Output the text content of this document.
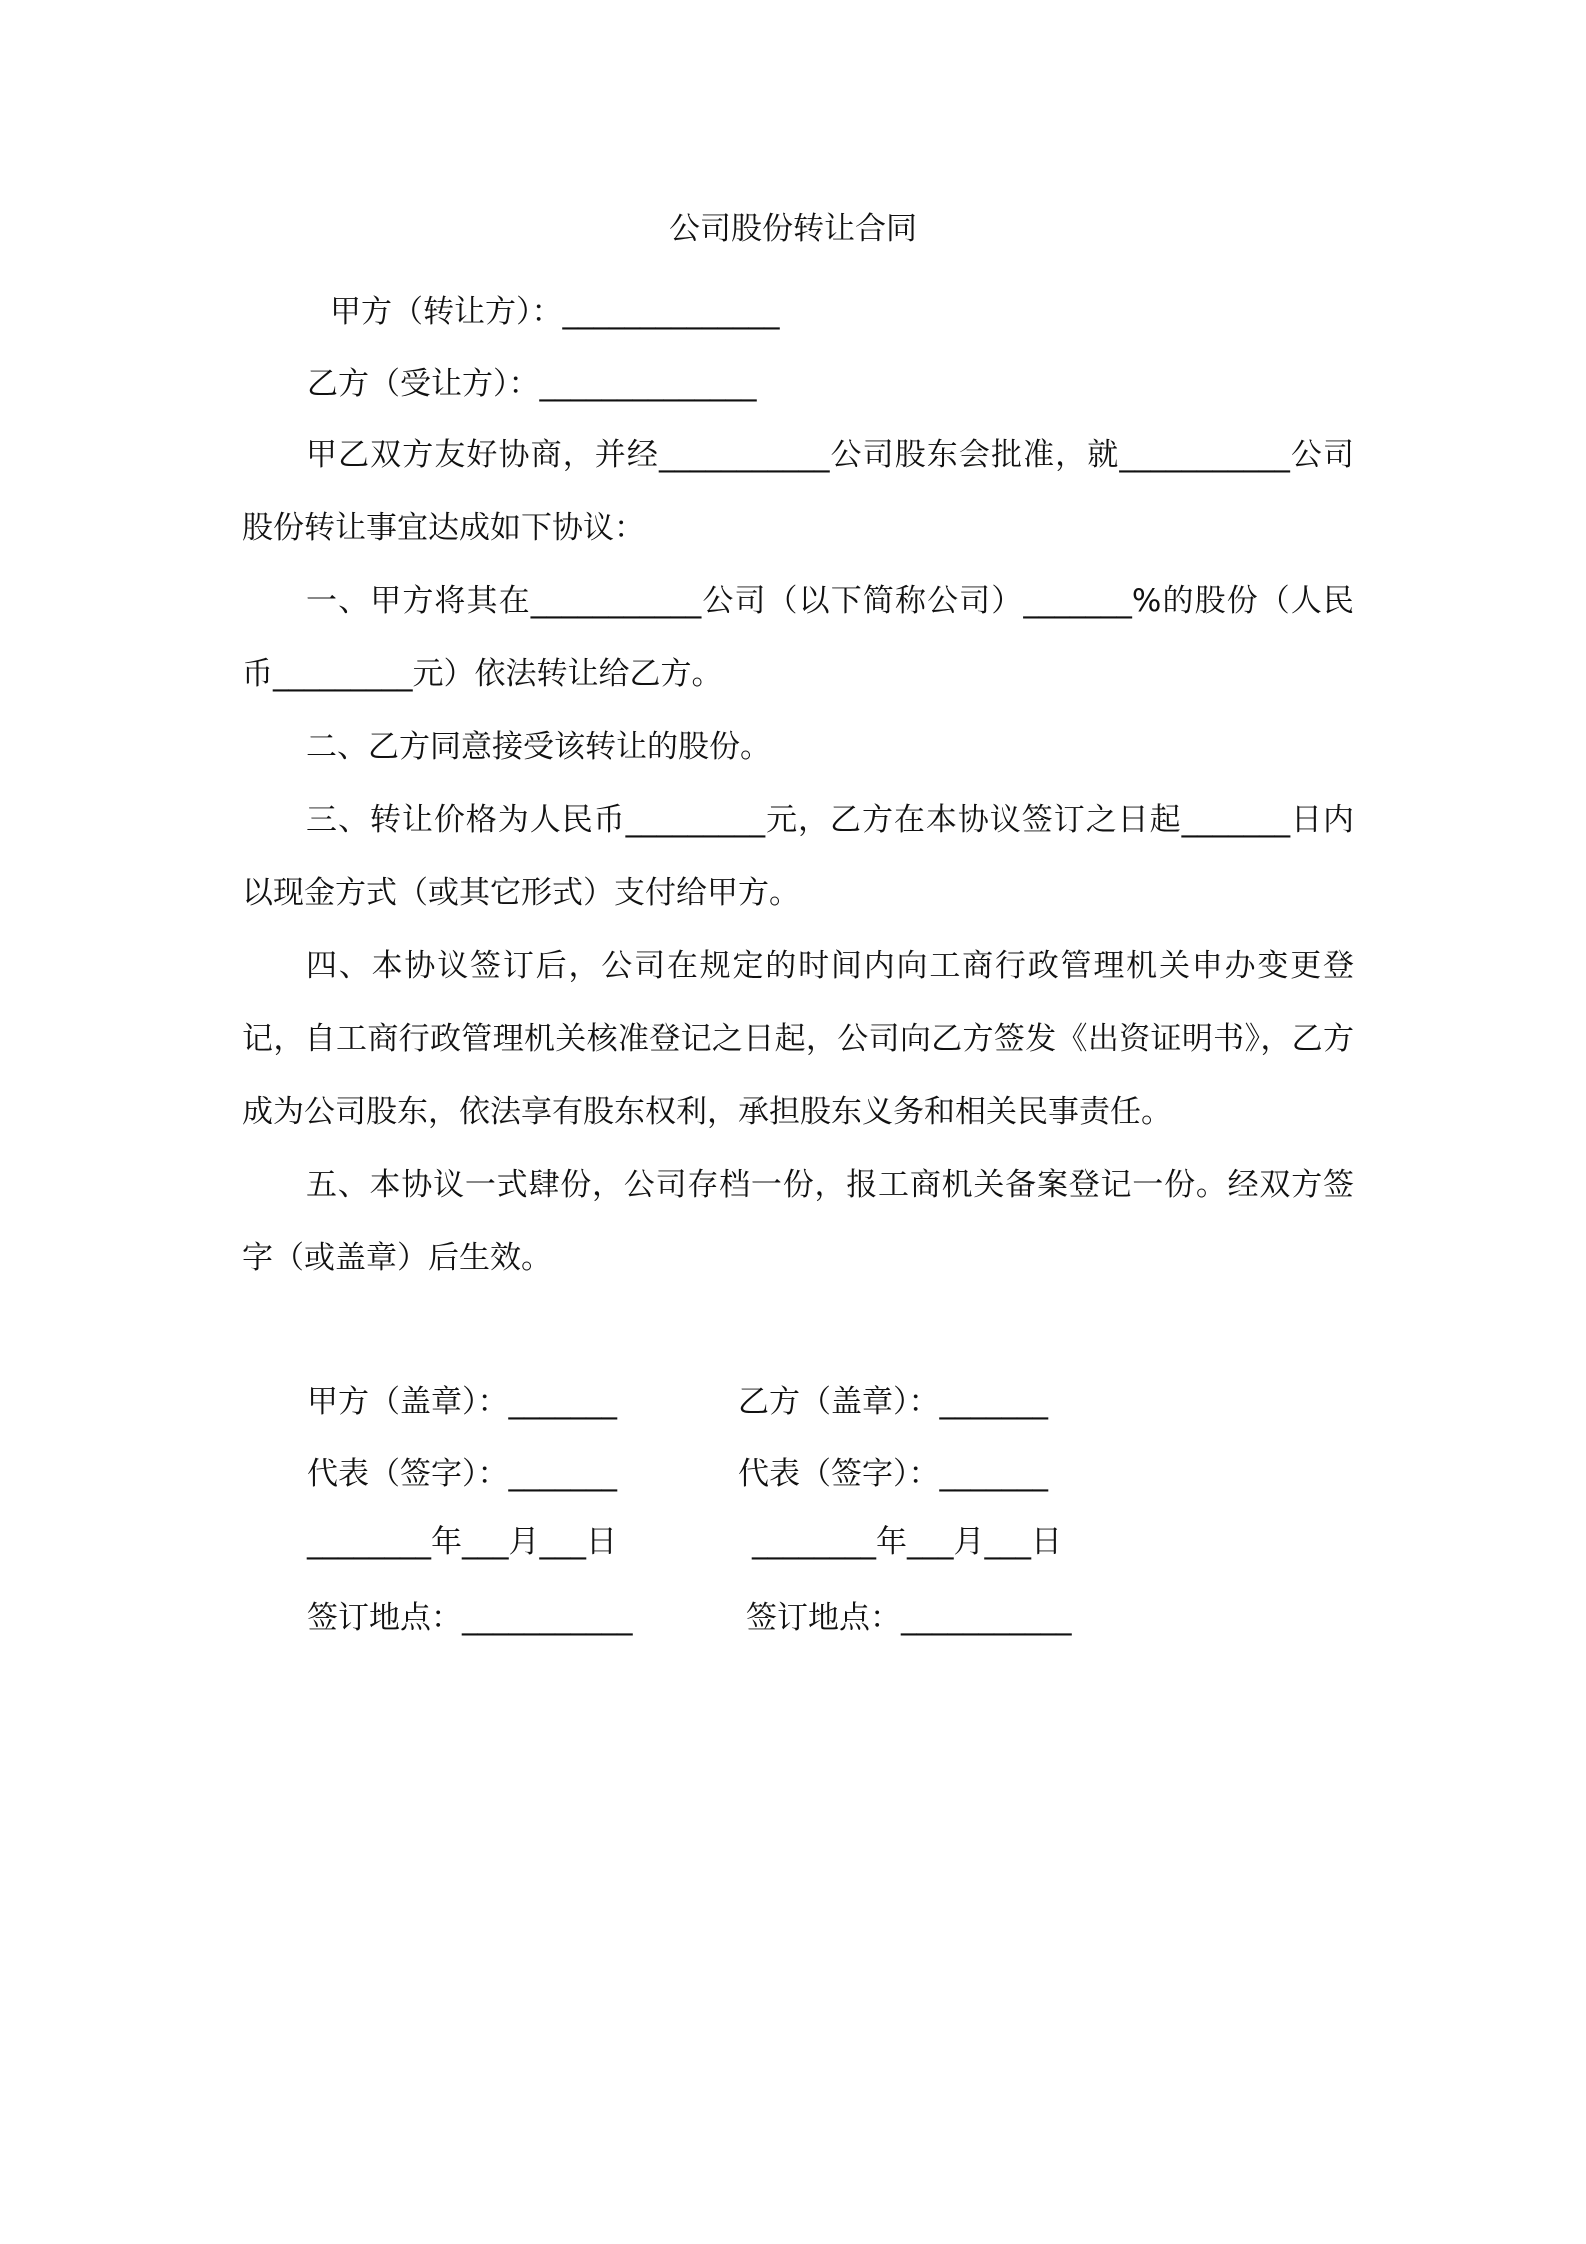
公司股份转让合同
甲方（转让方）：______________
乙方（受让方）：______________
甲乙双方友好协商，并经___________公司股东会批准，就___________公司股份转让事宜达成如下协议：
一、甲方将其在___________公司（以下简称公司）_______%的股份（人民币_________元）依法转让给乙方。
二、乙方同意接受该转让的股份。
三、转让价格为人民币_________元，乙方在本协议签订之日起_______日内以现金方式（或其它形式）支付给甲方。
四、本协议签订后，公司在规定的时间内向工商行政管理机关申办变更登记，自工商行政管理机关核准登记之日起，公司向乙方签发《出资证明书》，乙方成为公司股东，依法享有股东权利，承担股东义务和相关民事责任。
五、本协议一式肆份，公司存档一份，报工商机关备案登记一份。经双方签字（或盖章）后生效。
甲方（盖章）：_______	乙方（盖章）：_______
代表（签字）：_______	代表（签字）：_______
________年___月___日	________年___月___日
签订地点：___________	签订地点：___________
